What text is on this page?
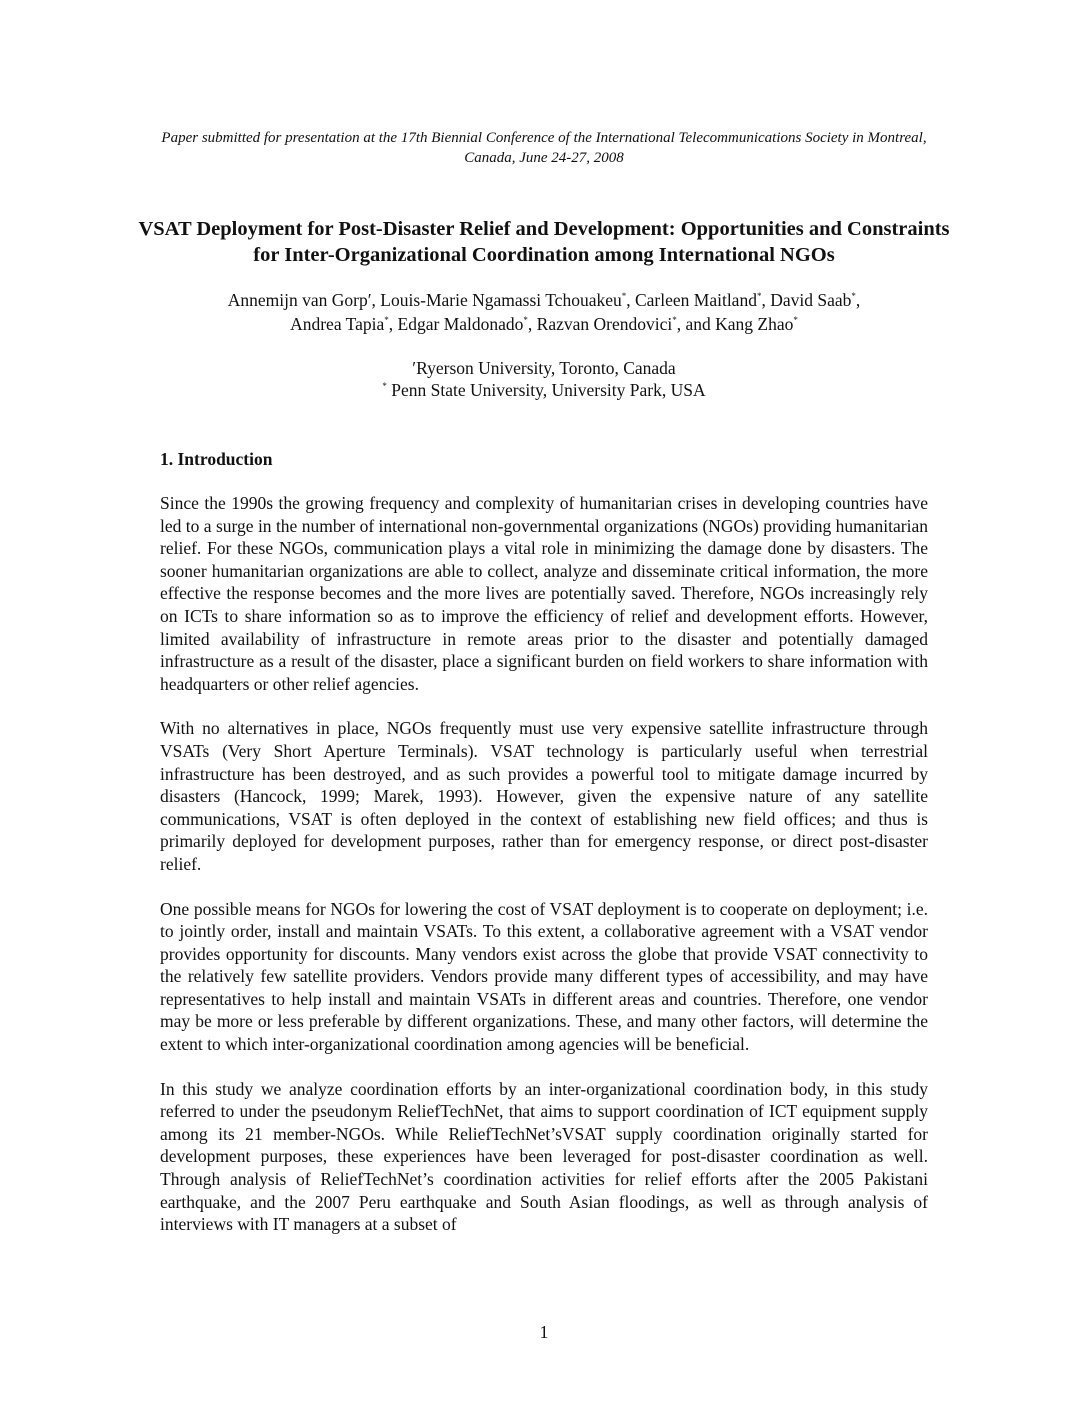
Paper submitted for presentation at the 17th Biennial Conference of the International Telecommunications Society in Montreal, Canada, June 24-27, 2008
VSAT Deployment for Post-Disaster Relief and Development: Opportunities and Constraints for Inter-Organizational Coordination among International NGOs
Annemijn van Gorp′, Louis-Marie Ngamassi Tchouakeu*, Carleen Maitland*, David Saab*,
Andrea Tapia*, Edgar Maldonado*, Razvan Orendovici*, and Kang Zhao*
′Ryerson University, Toronto, Canada
* Penn State University, University Park, USA
1. Introduction

Since the 1990s the growing frequency and complexity of humanitarian crises in developing countries have led to a surge in the number of international non-governmental organizations (NGOs) providing humanitarian relief. For these NGOs, communication plays a vital role in minimizing the damage done by disasters. The sooner humanitarian organizations are able to collect, analyze and disseminate critical information, the more effective the response becomes and the more lives are potentially saved. Therefore, NGOs increasingly rely on ICTs to share information so as to improve the efficiency of relief and development efforts. However, limited availability of infrastructure in remote areas prior to the disaster and potentially damaged infrastructure as a result of the disaster, place a significant burden on field workers to share information with headquarters or other relief agencies.

With no alternatives in place, NGOs frequently must use very expensive satellite infrastructure through VSATs (Very Short Aperture Terminals). VSAT technology is particularly useful when terrestrial infrastructure has been destroyed, and as such provides a powerful tool to mitigate damage incurred by disasters (Hancock, 1999; Marek, 1993). However, given the expensive nature of any satellite communications, VSAT is often deployed in the context of establishing new field offices; and thus is primarily deployed for development purposes, rather than for emergency response, or direct post-disaster relief.

One possible means for NGOs for lowering the cost of VSAT deployment is to cooperate on deployment; i.e. to jointly order, install and maintain VSATs. To this extent, a collaborative agreement with a VSAT vendor provides opportunity for discounts. Many vendors exist across the globe that provide VSAT connectivity to the relatively few satellite providers. Vendors provide many different types of accessibility, and may have representatives to help install and maintain VSATs in different areas and countries. Therefore, one vendor may be more or less preferable by different organizations. These, and many other factors, will determine the extent to which inter-organizational coordination among agencies will be beneficial.

In this study we analyze coordination efforts by an inter-organizational coordination body, in this study referred to under the pseudonym ReliefTechNet, that aims to support coordination of ICT equipment supply among its 21 member-NGOs. While ReliefTechNet’sVSAT supply coordination originally started for development purposes, these experiences have been leveraged for post-disaster coordination as well. Through analysis of ReliefTechNet’s coordination activities for relief efforts after the 2005 Pakistani earthquake, and the 2007 Peru earthquake and South Asian floodings, as well as through analysis of interviews with IT managers at a subset of

1
